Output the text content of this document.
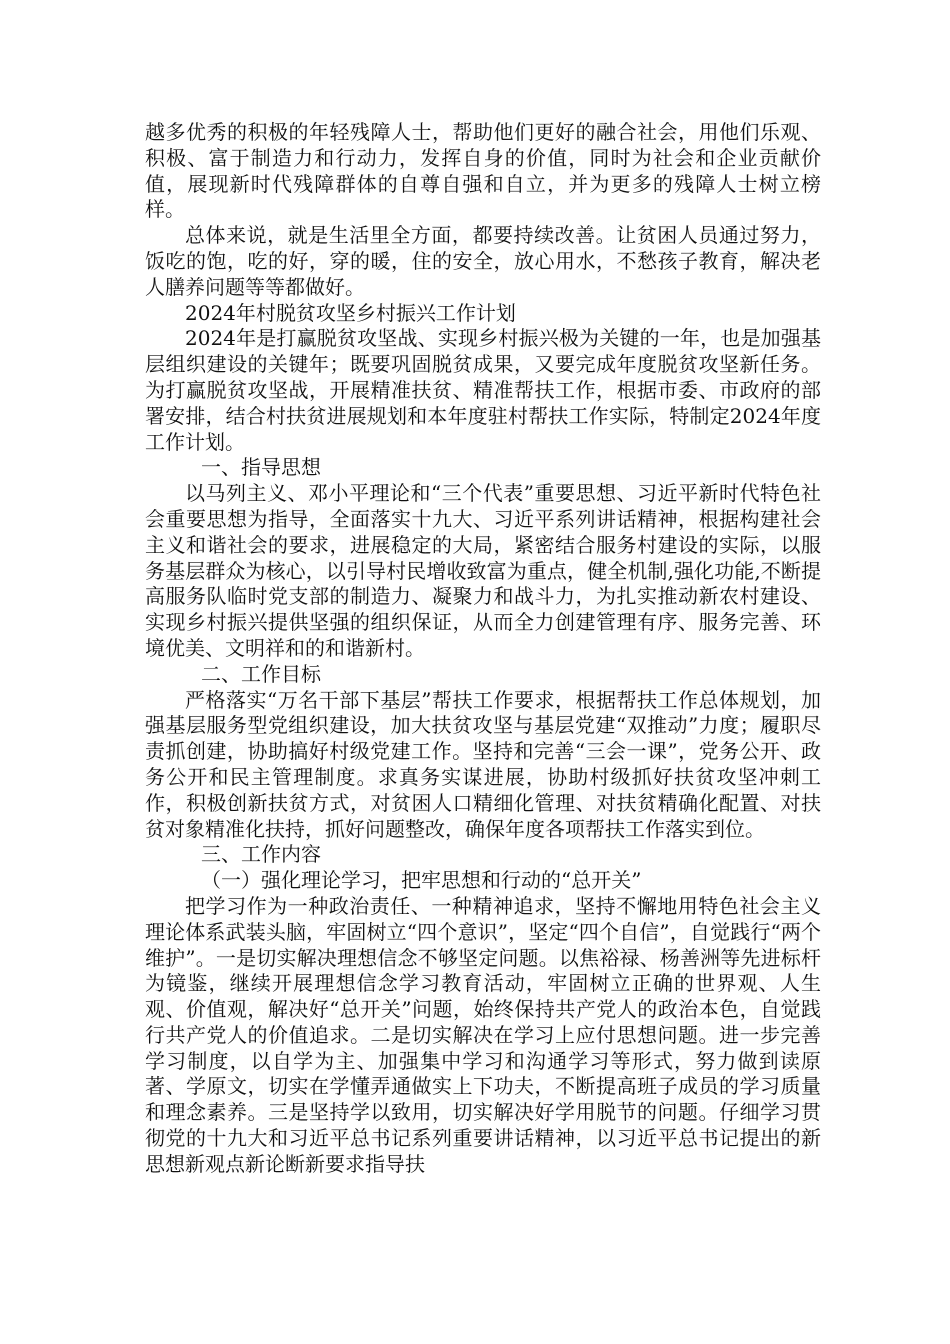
越多优秀的积极的年轻残障人士，帮助他们更好的融合社会，用他们乐观、积极、富于制造力和行动力，发挥自身的价值，同时为社会和企业贡献价值，展现新时代残障群体的自尊自强和自立，并为更多的残障人士树立榜样。

总体来说，就是生活里全方面，都要持续改善。让贫困人员通过努力，饭吃的饱，吃的好，穿的暖，住的安全，放心用水，不愁孩子教育，解决老人膳养问题等等都做好。

2024年村脱贫攻坚乡村振兴工作计划

2024年是打赢脱贫攻坚战、实现乡村振兴极为关键的一年，也是加强基层组织建设的关键年；既要巩固脱贫成果，又要完成年度脱贫攻坚新任务。为打赢脱贫攻坚战，开展精准扶贫、精准帮扶工作，根据市委、市政府的部署安排，结合村扶贫进展规划和本年度驻村帮扶工作实际，特制定2024年度工作计划。

一、指导思想

以马列主义、邓小平理论和“三个代表”重要思想、习近平新时代特色社会重要思想为指导，全面落实十九大、习近平系列讲话精神，根据构建社会主义和谐社会的要求，进展稳定的大局，紧密结合服务村建设的实际，以服务基层群众为核心，以引导村民增收致富为重点，健全机制,强化功能,不断提高服务队临时党支部的制造力、凝聚力和战斗力，为扎实推动新农村建设、实现乡村振兴提供坚强的组织保证，从而全力创建管理有序、服务完善、环境优美、文明祥和的和谐新村。

二、工作目标

严格落实“万名干部下基层”帮扶工作要求，根据帮扶工作总体规划，加强基层服务型党组织建设，加大扶贫攻坚与基层党建“双推动”力度；履职尽责抓创建，协助搞好村级党建工作。坚持和完善“三会一课”，党务公开、政务公开和民主管理制度。求真务实谋进展，协助村级抓好扶贫攻坚冲刺工作，积极创新扶贫方式，对贫困人口精细化管理、对扶贫精确化配置、对扶贫对象精准化扶持，抓好问题整改，确保年度各项帮扶工作落实到位。

三、工作内容

（一）强化理论学习，把牢思想和行动的“总开关”

把学习作为一种政治责任、一种精神追求，坚持不懈地用特色社会主义理论体系武装头脑，牢固树立“四个意识”，坚定“四个自信”，自觉践行“两个维护”。一是切实解决理想信念不够坚定问题。以焦裕禄、杨善洲等先进标杆为镜鉴，继续开展理想信念学习教育活动，牢固树立正确的世界观、人生观、价值观，解决好“总开关”问题，始终保持共产党人的政治本色，自觉践行共产党人的价值追求。二是切实解决在学习上应付思想问题。进一步完善学习制度，以自学为主、加强集中学习和沟通学习等形式，努力做到读原著、学原文，切实在学懂弄通做实上下功夫，不断提高班子成员的学习质量和理念素养。三是坚持学以致用，切实解决好学用脱节的问题。仔细学习贯彻党的十九大和习近平总书记系列重要讲话精神，以习近平总书记提出的新思想新观点新论断新要求指导扶
